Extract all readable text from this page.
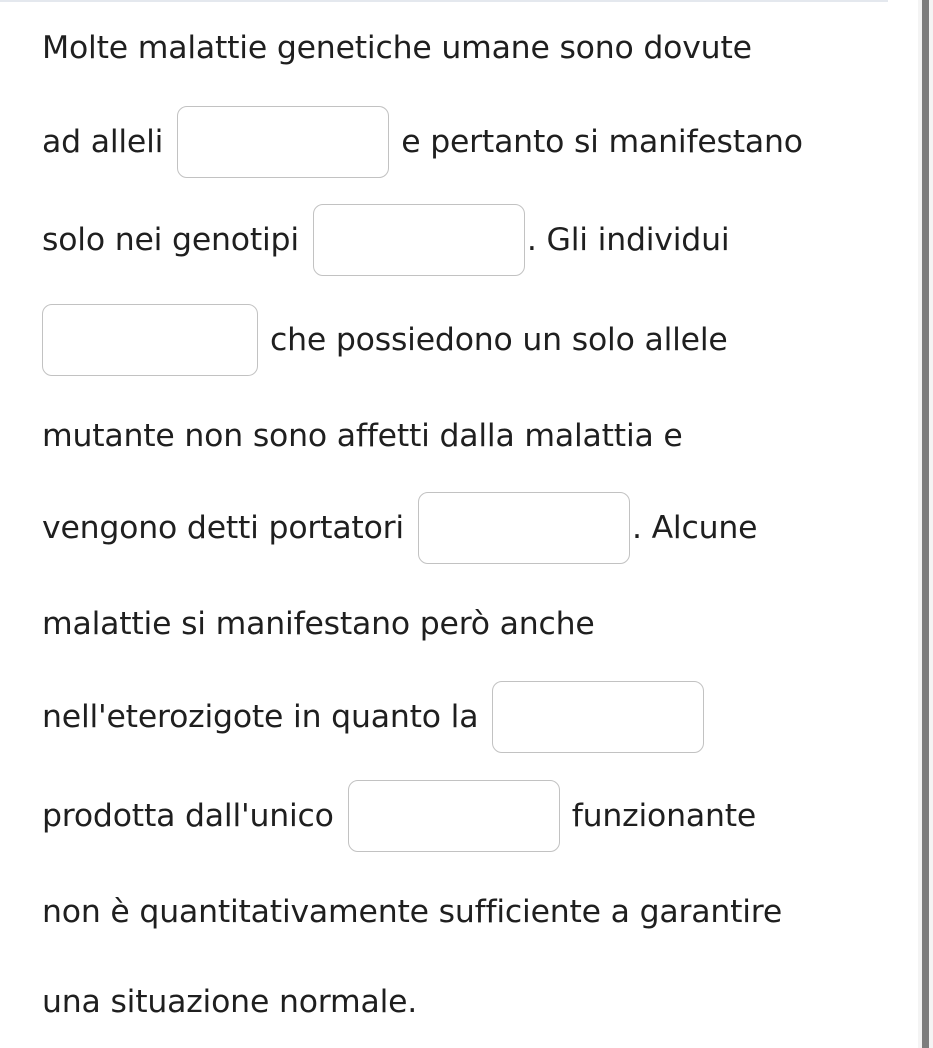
Molte malattie genetiche umane sono dovute
ad alleli	e pertanto si manifestano
solo nei genotipi	. Gli individui
che possiedono un solo allele
mutante non sono affetti dalla malattia e
vengono detti portatori	. Alcune
malattie si manifestano però anche
nell'eterozigote in quanto la
prodotta dall'unico	funzionante
non è quantitativamente sufficiente a garantire
una situazione normale.
